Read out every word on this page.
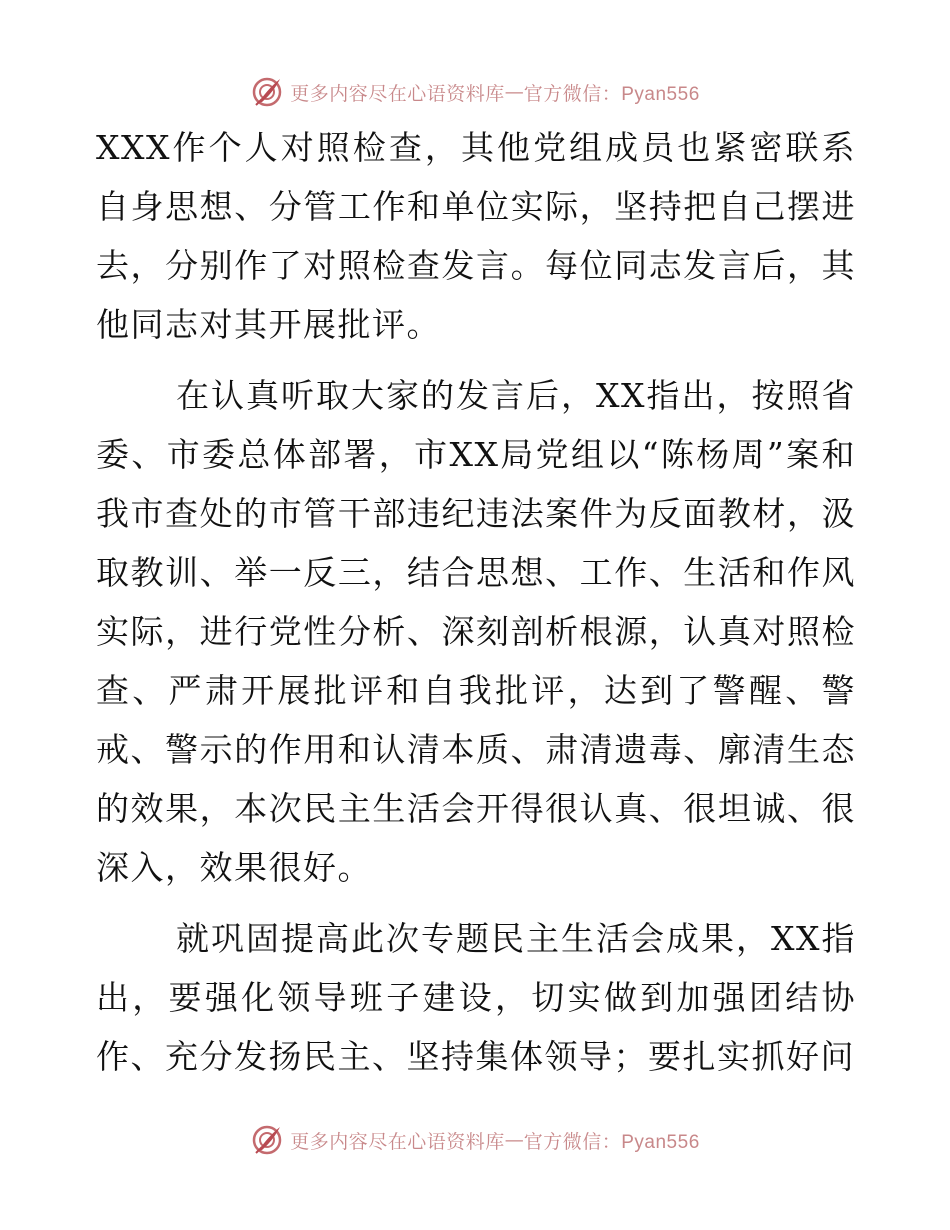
更多内容尽在心语资料库 — 官方微信：Pyan556

XXX作个人对照检查，其他党组成员也紧密联系自身思想、分管工作和单位实际，坚持把自己摆进去，分别作了对照检查发言。每位同志发言后，其他同志对其开展批评。

在认真听取大家的发言后，XX指出，按照省委、市委总体部署，市XX局党组以“陈杨周”案和我市查处的市管干部违纪违法案件为反面教材，汲取教训、举一反三，结合思想、工作、生活和作风实际，进行党性分析、深刻剖析根源，认真对照检查、严肃开展批评和自我批评，达到了警醒、警戒、警示的作用和认清本质、肃清遗毒、廓清生态的效果，本次民主生活会开得很认真、很坦诚、很深入，效果很好。

就巩固提高此次专题民主生活会成果，XX指出，要强化领导班子建设，切实做到加强团结协作、充分发扬民主、坚持集体领导；要扎实抓好问

更多内容尽在心语资料库 — 官方微信：Pyan556
